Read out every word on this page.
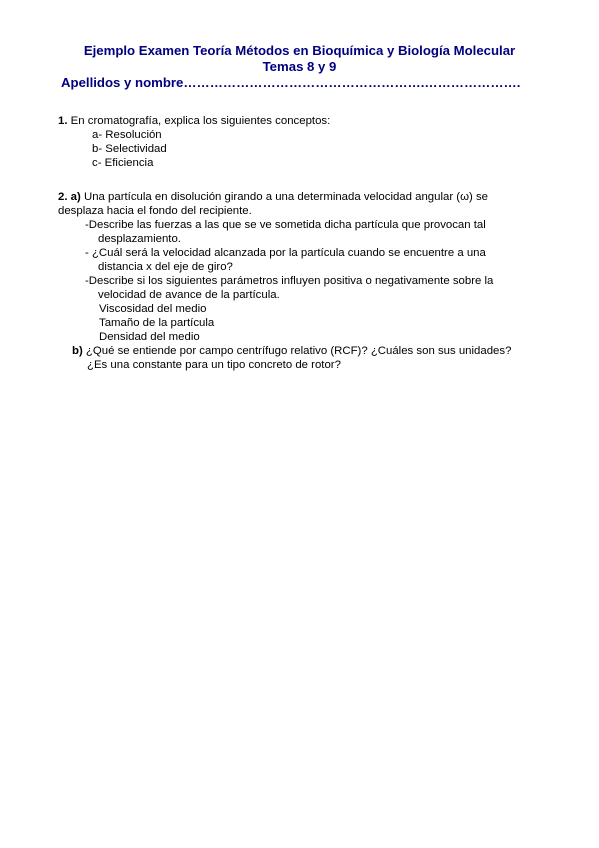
Ejemplo Examen Teoría Métodos en Bioquímica y Biología Molecular
Temas 8 y 9
Apellidos y nombre……………………………………………….………………….
1. En cromatografía, explica los siguientes conceptos:
a- Resolución
b- Selectividad
c- Eficiencia
2. a) Una partícula en disolución girando a una determinada velocidad angular (ω) se
desplaza hacia el fondo del recipiente.
-Describe las fuerzas a las que se ve sometida dicha partícula que provocan tal
desplazamiento.
- ¿Cuál será la velocidad alcanzada por la partícula cuando se encuentre a una
distancia x del eje de giro?
-Describe si los siguientes parámetros influyen positiva o negativamente sobre la
velocidad de avance de la partícula.
Viscosidad del medio
Tamaño de la partícula
Densidad del medio
b) ¿Qué se entiende por campo centrífugo relativo (RCF)? ¿Cuáles son sus unidades?
¿Es una constante para un tipo concreto de rotor?
